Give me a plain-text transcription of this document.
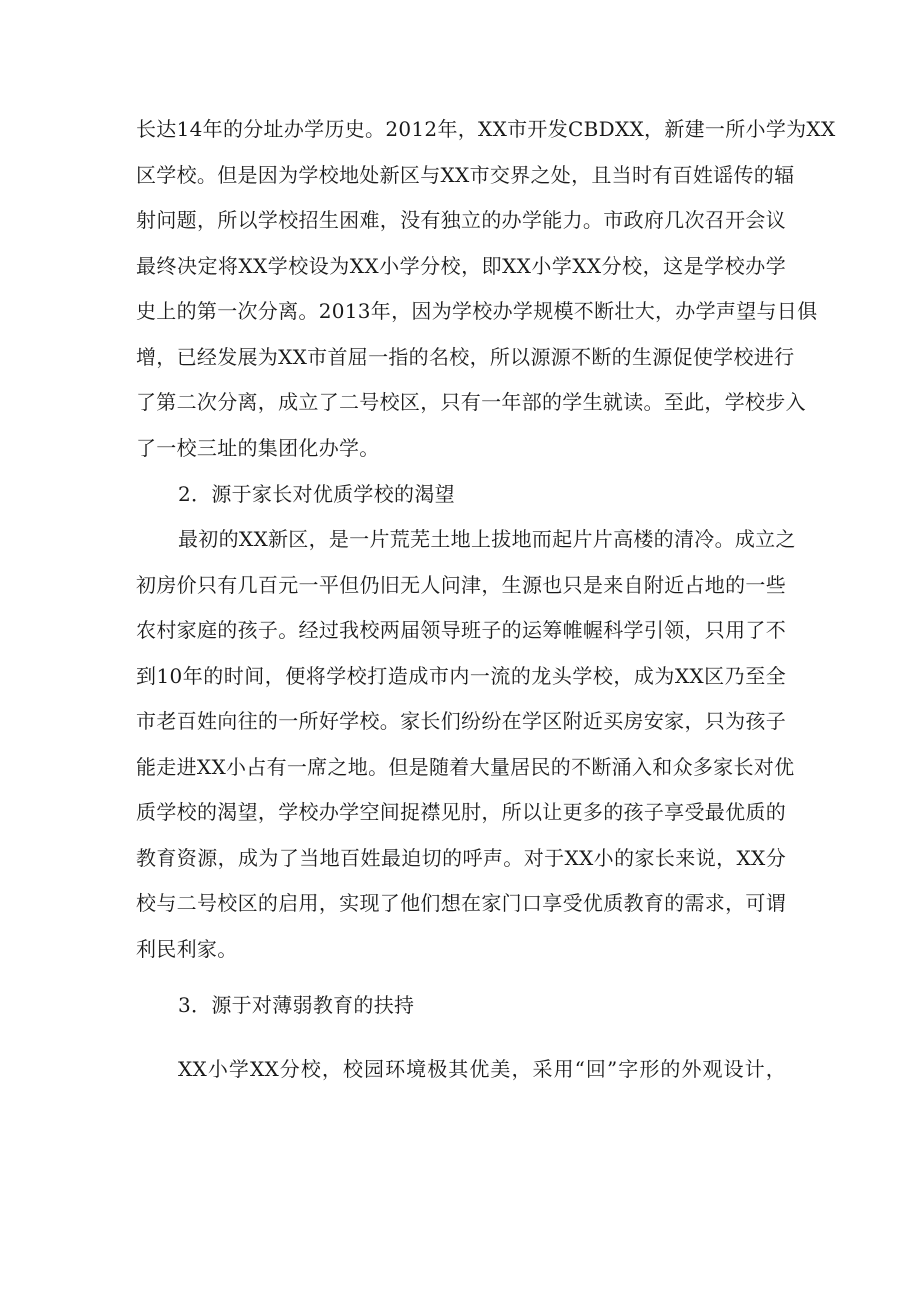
长达14年的分址办学历史。2012年，XX市开发CBDXX，新建一所小学为XX
区学校。但是因为学校地处新区与XX市交界之处，且当时有百姓谣传的辐
射问题，所以学校招生困难，没有独立的办学能力。市政府几次召开会议
最终决定将XX学校设为XX小学分校，即XX小学XX分校，这是学校办学
史上的第一次分离。2013年，因为学校办学规模不断壮大，办学声望与日俱
增，已经发展为XX市首屈一指的名校，所以源源不断的生源促使学校进行
了第二次分离，成立了二号校区，只有一年部的学生就读。至此，学校步入
了一校三址的集团化办学。
2．源于家长对优质学校的渴望
最初的XX新区，是一片荒芜土地上拔地而起片片高楼的清冷。成立之
初房价只有几百元一平但仍旧无人问津，生源也只是来自附近占地的一些
农村家庭的孩子。经过我校两届领导班子的运筹帷幄科学引领，只用了不
到10年的时间，便将学校打造成市内一流的龙头学校，成为XX区乃至全
市老百姓向往的一所好学校。家长们纷纷在学区附近买房安家，只为孩子
能走进XX小占有一席之地。但是随着大量居民的不断涌入和众多家长对优
质学校的渴望，学校办学空间捉襟见肘，所以让更多的孩子享受最优质的
教育资源，成为了当地百姓最迫切的呼声。对于XX小的家长来说，XX分
校与二号校区的启用，实现了他们想在家门口享受优质教育的需求，可谓
利民利家。
3．源于对薄弱教育的扶持
XX小学XX分校，校园环境极其优美，采用“回”字形的外观设计，
